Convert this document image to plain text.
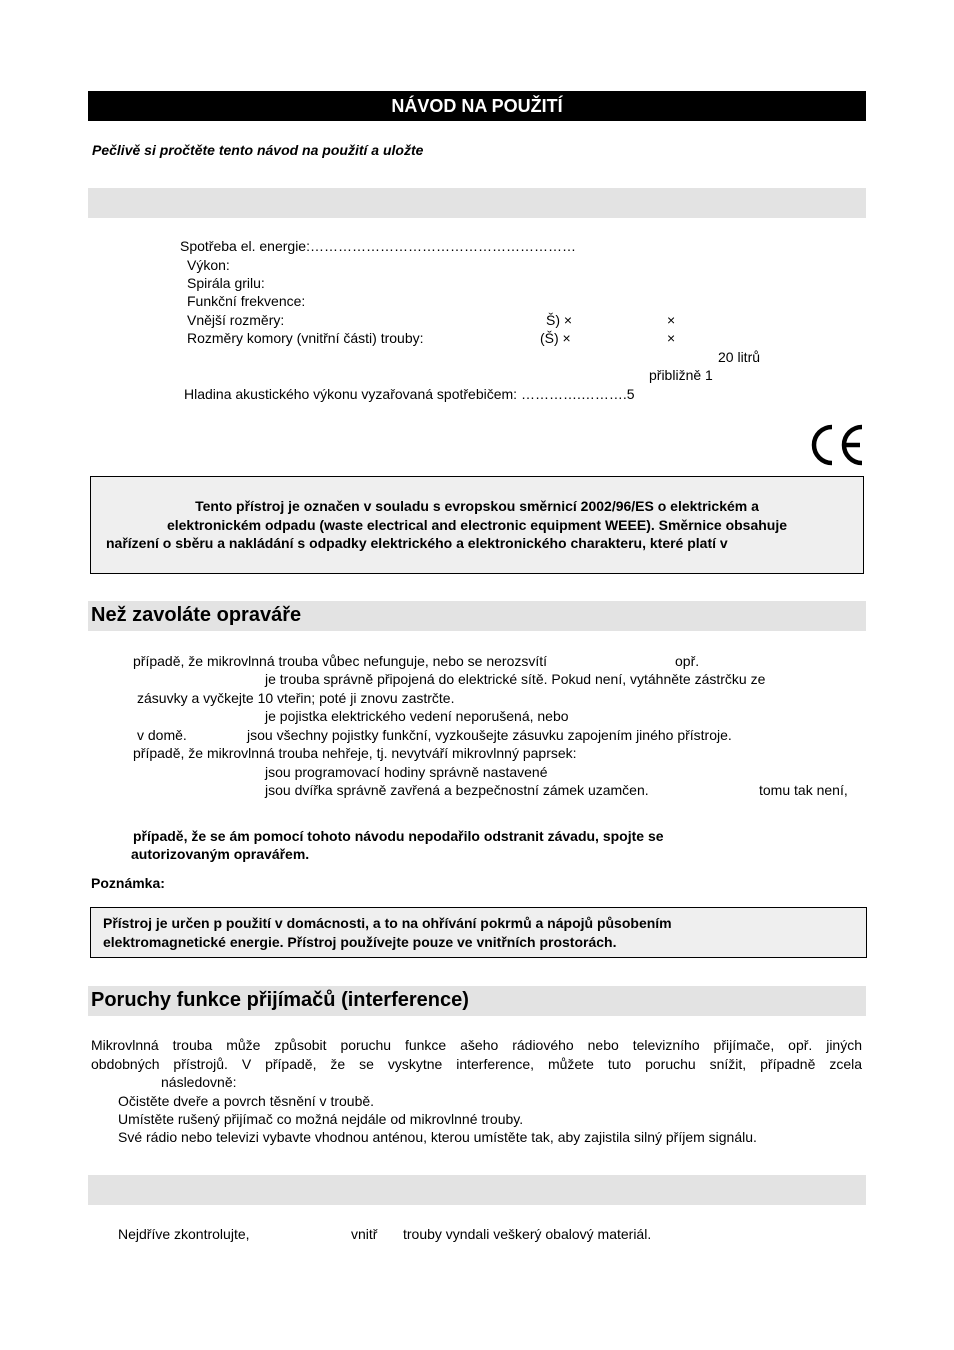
NÁVOD NA POUŽITÍ
Pečlivě si pročtěte tento návod na použití a uložte
Spotřeba el. energie:…………………………………………………
Výkon:
Spirála grilu:
Funkční frekvence:
Vnější rozměry:	Š) ×	×
Rozměry komory (vnitřní části) trouby:	(Š) ×	×
20 litrů
přibližně 1
Hladina akustického výkonu vyzařovaná spotřebičem: ………….……….5
Tento přístroj je označen v souladu s evropskou směrnicí 2002/96/ES o elektrickém a
elektronickém odpadu (waste electrical and electronic equipment WEEE). Směrnice obsahuje
nařízení o sběru a nakládání s odpadky elektrického a elektronického charakteru, které platí v
Než zavoláte opraváře
případě, že mikrovlnná trouba vůbec nefunguje, nebo se nerozsvítí	opř.
je trouba správně připojená do elektrické sítě. Pokud není, vytáhněte zástrčku ze
zásuvky a vyčkejte 10 vteřin; poté ji znovu zastrčte.
je pojistka elektrického vedení neporušená, nebo
v domě.	jsou všechny pojistky funkční, vyzkoušejte zásuvku zapojením jiného přístroje.
případě, že mikrovlnná trouba nehřeje, tj. nevytváří mikrovlnný paprsek:
jsou programovací hodiny správně nastavené
jsou dvířka správně zavřená a bezpečnostní zámek uzamčen.	tomu tak není,
případě, že se ám pomocí tohoto návodu nepodařilo odstranit závadu, spojte se
autorizovaným opravářem.
Poznámka:
Přístroj je určen p použití v domácnosti, a to na ohřívání pokrmů a nápojů působením
elektromagnetické energie. Přístroj používejte pouze ve vnitřních prostorách.
Poruchy funkce přijímačů (interference)
Mikrovlnná trouba může způsobit poruchu funkce ašeho rádiového nebo televizního přijímače, opř. jiných
obdobných přístrojů. V případě, že se vyskytne interference, můžete tuto poruchu snížit, případně zcela
následovně:
Očistěte dveře a povrch těsnění v troubě.
Umístěte rušený přijímač co možná nejdále od mikrovlnné trouby.
Své rádio nebo televizi vybavte vhodnou anténou, kterou umístěte tak, aby zajistila silný příjem signálu.
Nejdříve zkontrolujte,	vnitř trouby vyndali veškerý obalový materiál.
